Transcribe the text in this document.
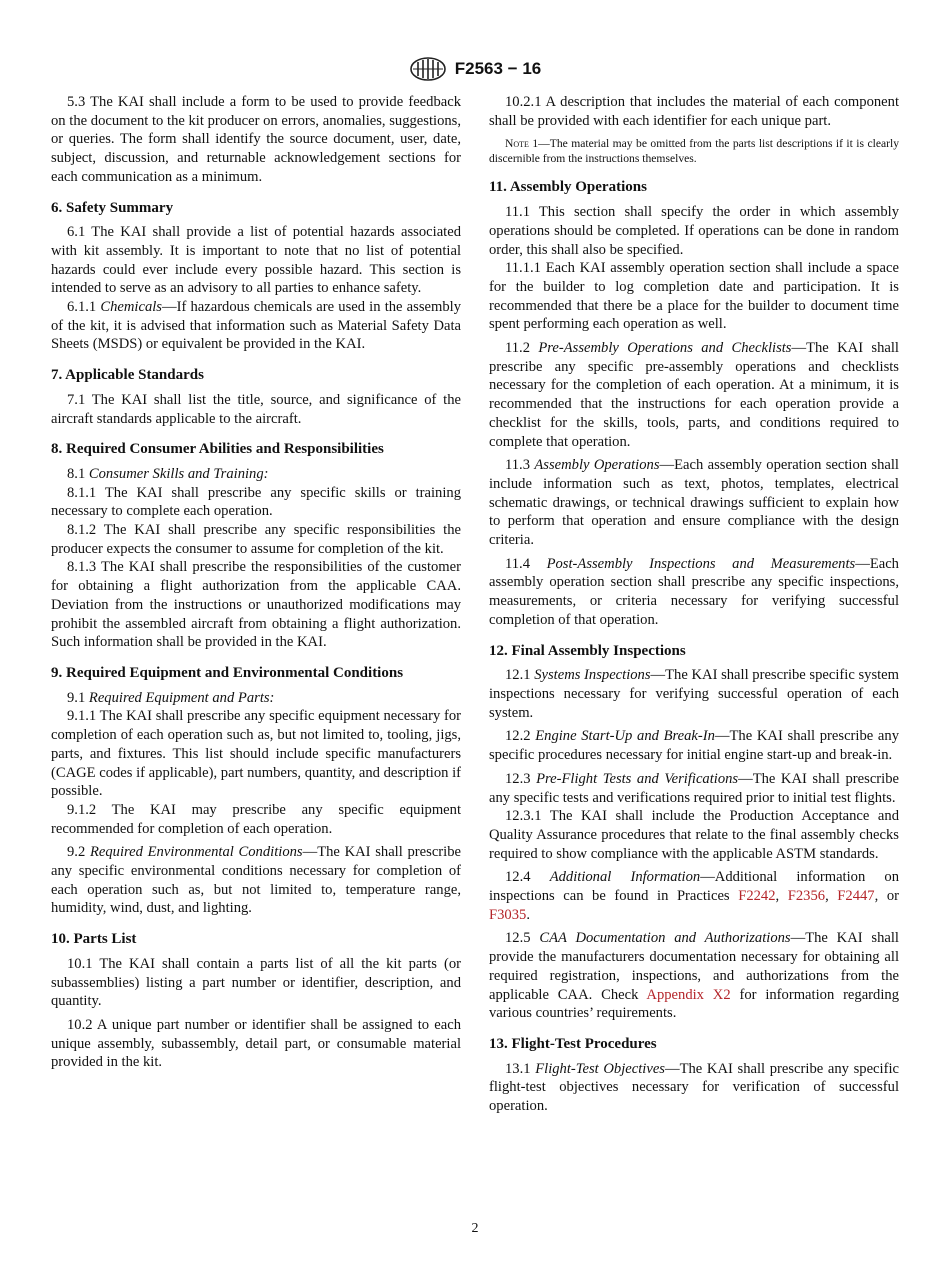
F2563 − 16

5.3 The KAI shall include a form to be used to provide feedback on the document to the kit producer on errors, anomalies, suggestions, or queries. The form shall identify the source document, user, date, subject, discussion, and returnable acknowledgement sections for each communication as a minimum.

6. Safety Summary

6.1 The KAI shall provide a list of potential hazards associated with kit assembly. It is important to note that no list of potential hazards could ever include every possible hazard. This section is intended to serve as an advisory to all parties to enhance safety.

6.1.1 Chemicals—If hazardous chemicals are used in the assembly of the kit, it is advised that information such as Material Safety Data Sheets (MSDS) or equivalent be provided in the KAI.

7. Applicable Standards

7.1 The KAI shall list the title, source, and significance of the aircraft standards applicable to the aircraft.

8. Required Consumer Abilities and Responsibilities

8.1 Consumer Skills and Training:

8.1.1 The KAI shall prescribe any specific skills or training necessary to complete each operation.

8.1.2 The KAI shall prescribe any specific responsibilities the producer expects the consumer to assume for completion of the kit.

8.1.3 The KAI shall prescribe the responsibilities of the customer for obtaining a flight authorization from the applicable CAA. Deviation from the instructions or unauthorized modifications may prohibit the assembled aircraft from obtaining a flight authorization. Such information shall be provided in the KAI.

9. Required Equipment and Environmental Conditions

9.1 Required Equipment and Parts:

9.1.1 The KAI shall prescribe any specific equipment necessary for completion of each operation such as, but not limited to, tooling, jigs, parts, and fixtures. This list should include specific manufacturers (CAGE codes if applicable), part numbers, quantity, and description if possible.

9.1.2 The KAI may prescribe any specific equipment recommended for completion of each operation.

9.2 Required Environmental Conditions—The KAI shall prescribe any specific environmental conditions necessary for completion of each operation such as, but not limited to, temperature range, humidity, wind, dust, and lighting.

10. Parts List

10.1 The KAI shall contain a parts list of all the kit parts (or subassemblies) listing a part number or identifier, description, and quantity.

10.2 A unique part number or identifier shall be assigned to each unique assembly, subassembly, detail part, or consumable material provided in the kit.

10.2.1 A description that includes the material of each component shall be provided with each identifier for each unique part.

Note 1—The material may be omitted from the parts list descriptions if it is clearly discernible from the instructions themselves.
11. Assembly Operations

11.1 This section shall specify the order in which assembly operations should be completed. If operations can be done in random order, this shall also be specified.

11.1.1 Each KAI assembly operation section shall include a space for the builder to log completion date and participation. It is recommended that there be a place for the builder to document time spent performing each operation as well.

11.2 Pre-Assembly Operations and Checklists—The KAI shall prescribe any specific pre-assembly operations and checklists necessary for the completion of each operation. At a minimum, it is recommended that the instructions for each operation provide a checklist for the skills, tools, parts, and conditions required to complete that operation.

11.3 Assembly Operations—Each assembly operation section shall include information such as text, photos, templates, electrical schematic drawings, or technical drawings sufficient to explain how to perform that operation and ensure compliance with the design criteria.

11.4 Post-Assembly Inspections and Measurements—Each assembly operation section shall prescribe any specific inspections, measurements, or criteria necessary for verifying successful completion of that operation.

12. Final Assembly Inspections

12.1 Systems Inspections—The KAI shall prescribe specific system inspections necessary for verifying successful operation of each system.

12.2 Engine Start-Up and Break-In—The KAI shall prescribe any specific procedures necessary for initial engine start-up and break-in.

12.3 Pre-Flight Tests and Verifications—The KAI shall prescribe any specific tests and verifications required prior to initial test flights.

12.3.1 The KAI shall include the Production Acceptance and Quality Assurance procedures that relate to the final assembly checks required to show compliance with the applicable ASTM standards.

12.4 Additional Information—Additional information on inspections can be found in Practices F2242, F2356, F2447, or F3035.

12.5 CAA Documentation and Authorizations—The KAI shall provide the manufacturers documentation necessary for obtaining all required registration, inspections, and authorizations from the applicable CAA. Check Appendix X2 for information regarding various countries’ requirements.

13. Flight-Test Procedures

13.1 Flight-Test Objectives—The KAI shall prescribe any specific flight-test objectives necessary for verification of successful operation.

2
